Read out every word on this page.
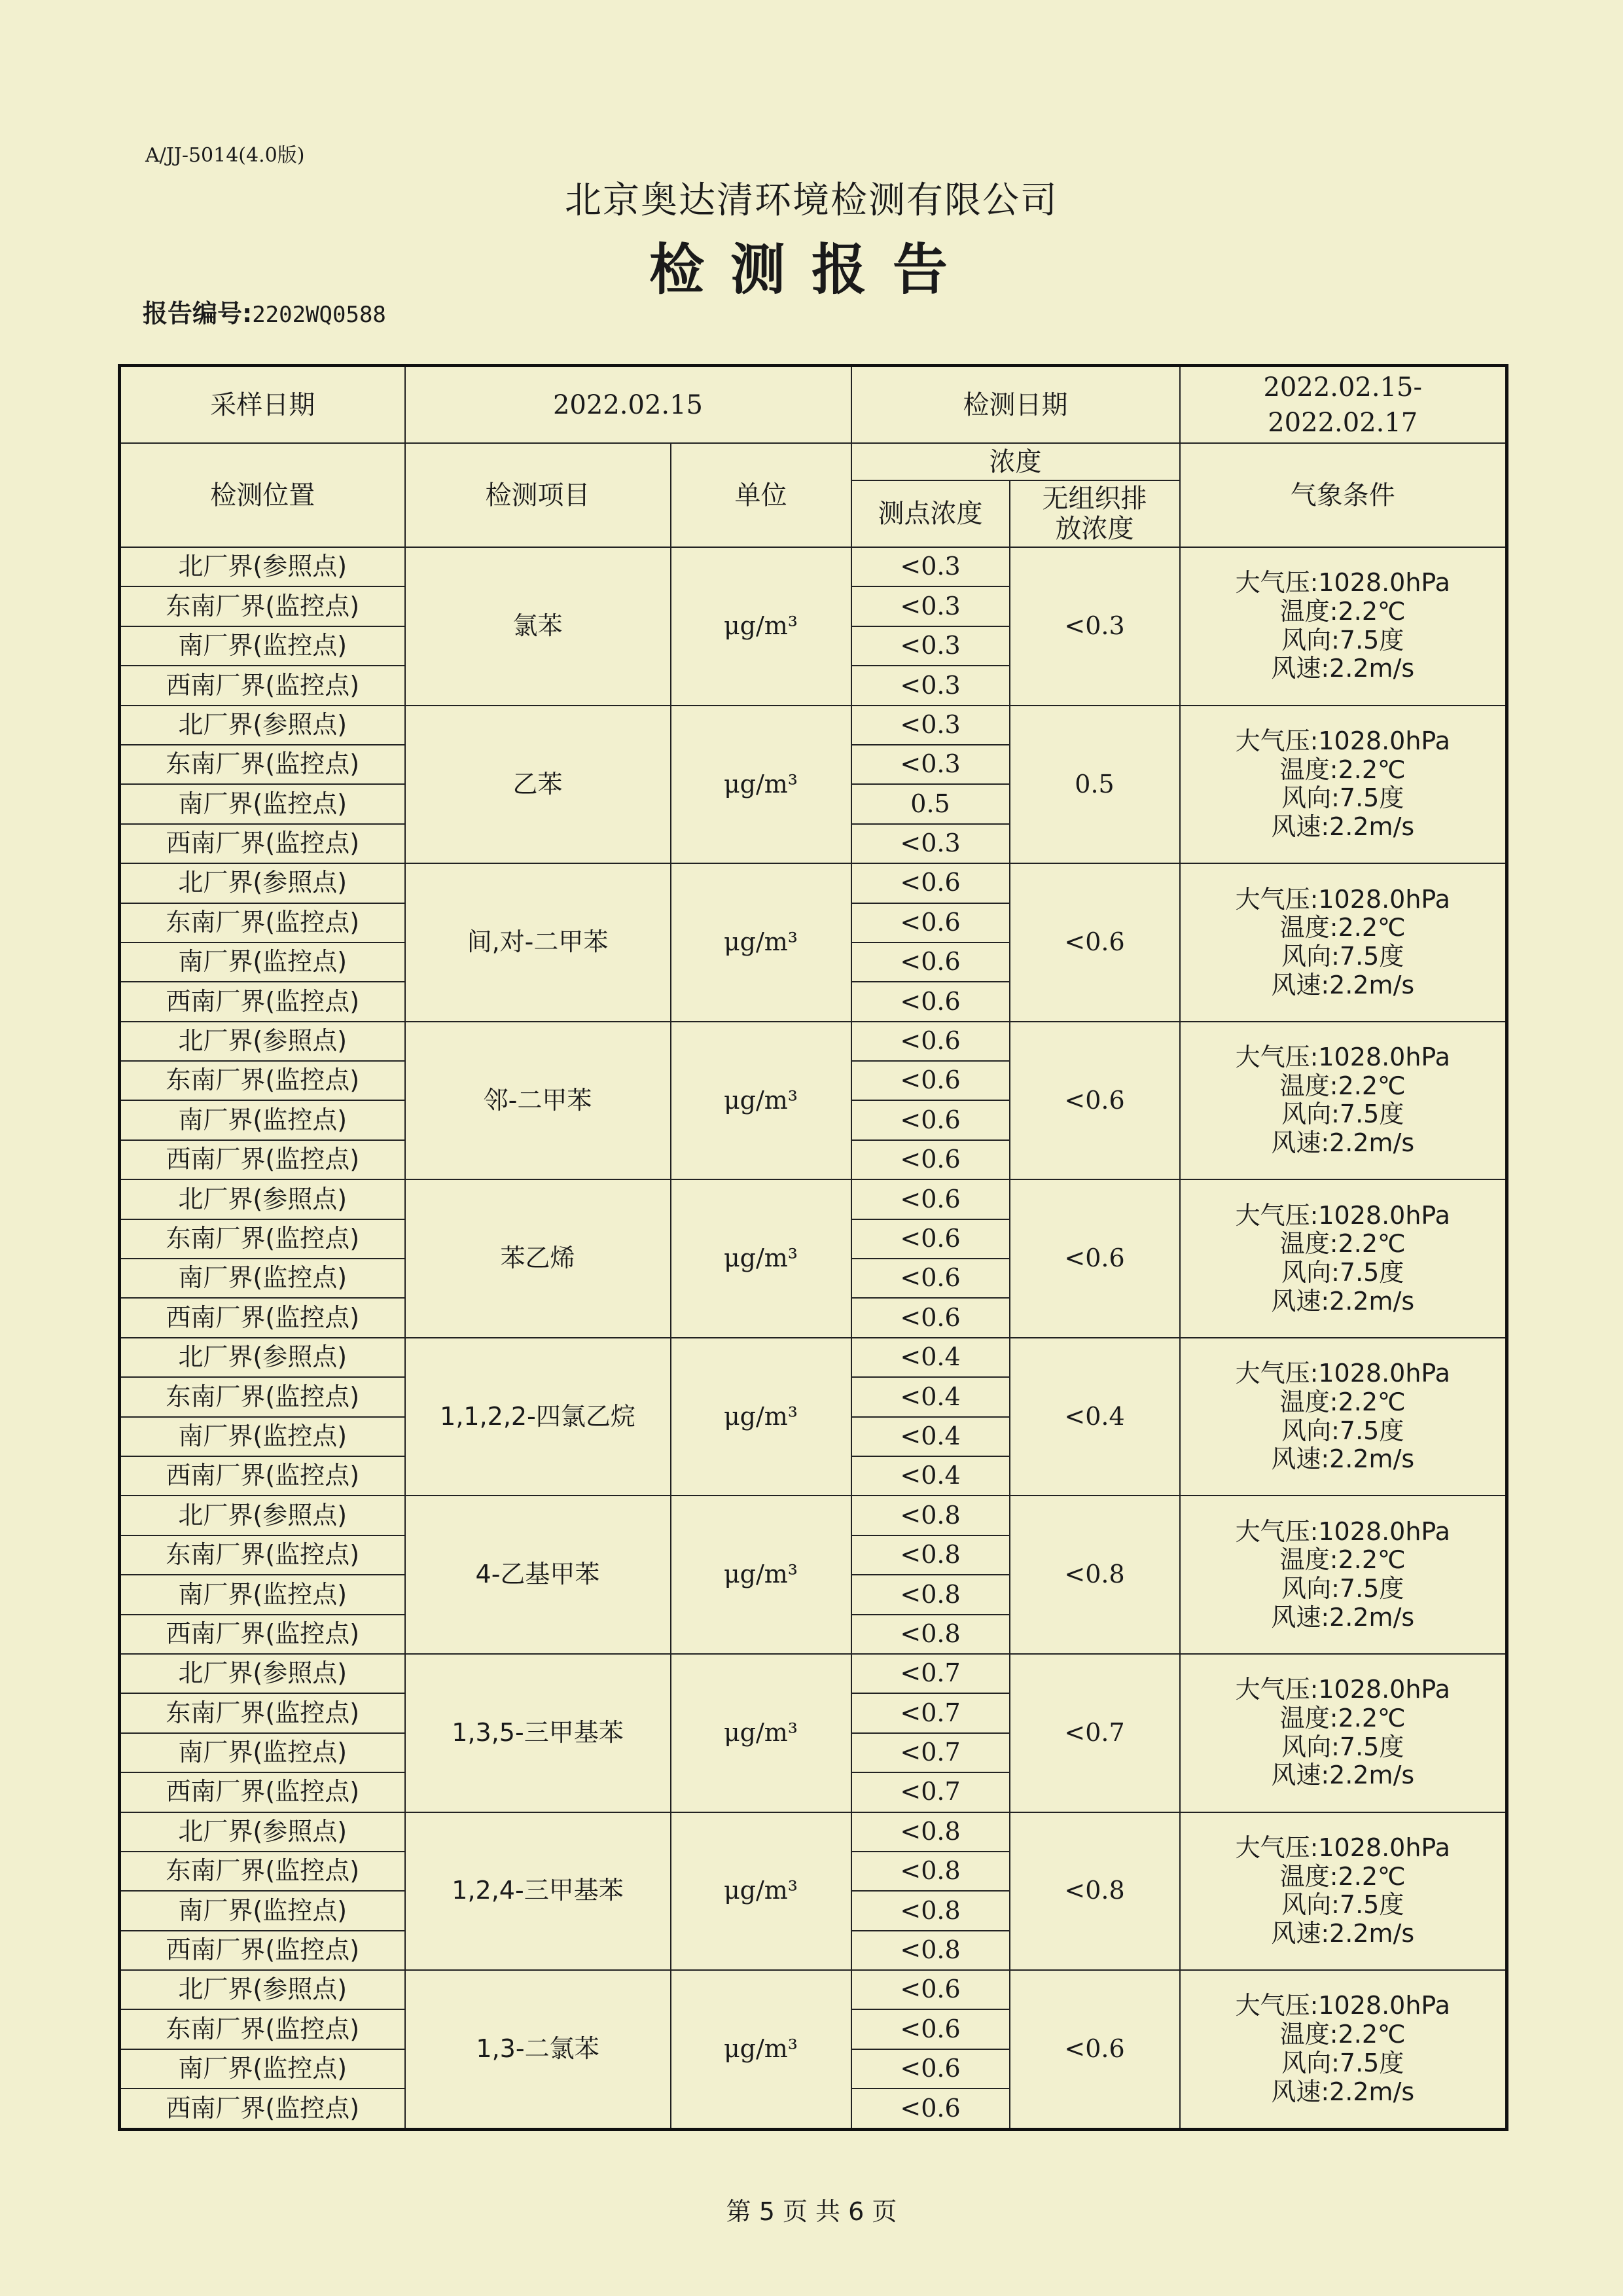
A/JJ-5014(4.0版)
北京奥达清环境检测有限公司
检测报告
报告编号:2202WQ0588
采样日期	2022.02.15		检测日期		2022.02.15-
2022.02.17

检测位置	检测项目	单位	浓度		气象条件
			测点浓度	无组织排
放浓度	

北厂界(参照点)	氯苯	μg/m³	<0.3	<0.3	大气压:1028.0hPa
温度:2.2℃
风向:7.5度
风速:2.2m/s

东南厂界(监控点)			<0.3		
南厂界(监控点)			<0.3		
西南厂界(监控点)			<0.3		
北厂界(参照点)	乙苯	μg/m³	<0.3	0.5	大气压:1028.0hPa
温度:2.2℃
风向:7.5度
风速:2.2m/s

东南厂界(监控点)			<0.3		
南厂界(监控点)			0.5		
西南厂界(监控点)			<0.3		
北厂界(参照点)	间,对-二甲苯	μg/m³	<0.6	<0.6	大气压:1028.0hPa
温度:2.2℃
风向:7.5度
风速:2.2m/s

东南厂界(监控点)			<0.6		
南厂界(监控点)			<0.6		
西南厂界(监控点)			<0.6		
北厂界(参照点)	邻-二甲苯	μg/m³	<0.6	<0.6	大气压:1028.0hPa
温度:2.2℃
风向:7.5度
风速:2.2m/s

东南厂界(监控点)			<0.6		
南厂界(监控点)			<0.6		
西南厂界(监控点)			<0.6		
北厂界(参照点)	苯乙烯	μg/m³	<0.6	<0.6	大气压:1028.0hPa
温度:2.2℃
风向:7.5度
风速:2.2m/s

东南厂界(监控点)			<0.6		
南厂界(监控点)			<0.6		
西南厂界(监控点)			<0.6		
北厂界(参照点)	1,1,2,2-四氯乙烷	μg/m³	<0.4	<0.4	大气压:1028.0hPa
温度:2.2℃
风向:7.5度
风速:2.2m/s

东南厂界(监控点)			<0.4		
南厂界(监控点)			<0.4		
西南厂界(监控点)			<0.4		
北厂界(参照点)	4-乙基甲苯	μg/m³	<0.8	<0.8	大气压:1028.0hPa
温度:2.2℃
风向:7.5度
风速:2.2m/s

东南厂界(监控点)			<0.8		
南厂界(监控点)			<0.8		
西南厂界(监控点)			<0.8		
北厂界(参照点)	1,3,5-三甲基苯	μg/m³	<0.7	<0.7	大气压:1028.0hPa
温度:2.2℃
风向:7.5度
风速:2.2m/s

东南厂界(监控点)			<0.7		
南厂界(监控点)			<0.7		
西南厂界(监控点)			<0.7		
北厂界(参照点)	1,2,4-三甲基苯	μg/m³	<0.8	<0.8	大气压:1028.0hPa
温度:2.2℃
风向:7.5度
风速:2.2m/s

东南厂界(监控点)			<0.8		
南厂界(监控点)			<0.8		
西南厂界(监控点)			<0.8		
北厂界(参照点)	1,3-二氯苯	μg/m³	<0.6	<0.6	大气压:1028.0hPa
温度:2.2℃
风向:7.5度
风速:2.2m/s

东南厂界(监控点)			<0.6		
南厂界(监控点)			<0.6		
西南厂界(监控点)			<0.6		
第 5 页 共 6 页
